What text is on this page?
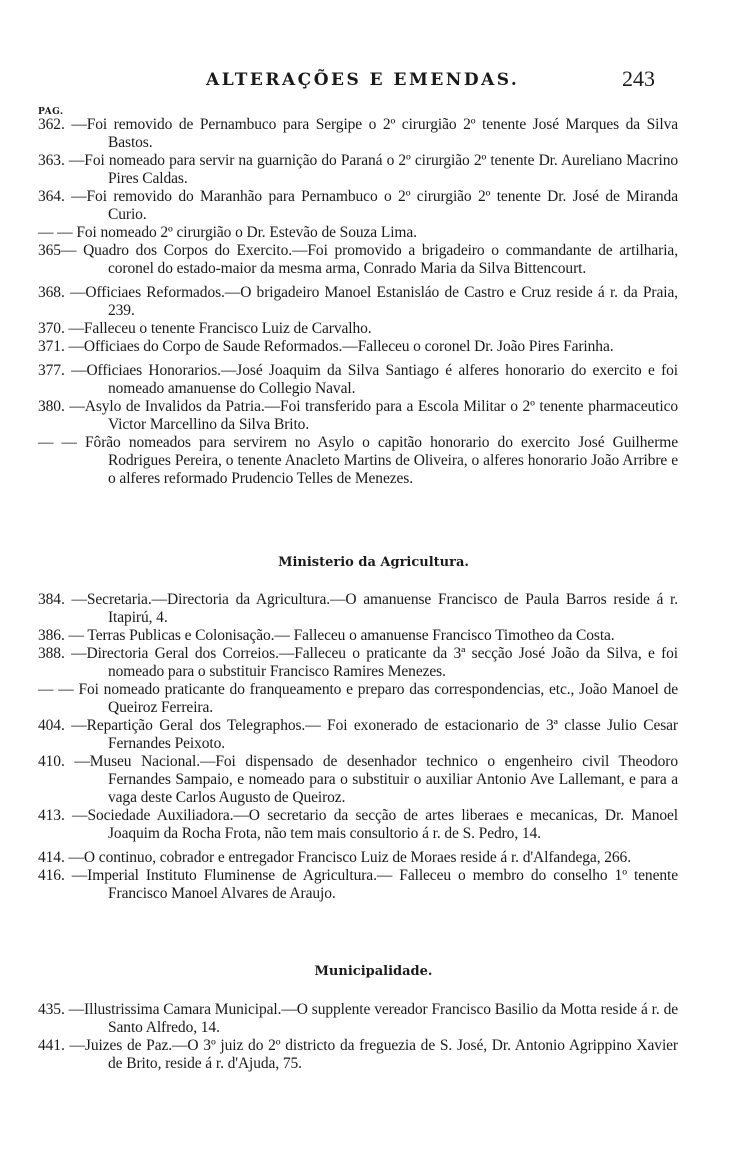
ALTERAÇÕES E EMENDAS.	243
PAG.
362. —Foi removido de Pernambuco para Sergipe o 2º cirurgião 2º tenente José Marques da Silva Bastos.
363. —Foi nomeado para servir na guarnição do Paraná o 2º cirurgião 2º tenente Dr. Aureliano Macrino Pires Caldas.
364. —Foi removido do Maranhão para Pernambuco o 2º cirurgião 2º tenente Dr. José de Miranda Curio.
— — Foi nomeado 2º cirurgião o Dr. Estevão de Souza Lima.
365— Quadro dos Corpos do Exercito.—Foi promovido a brigadeiro o commandante de artilharia, coronel do estado-maior da mesma arma, Conrado Maria da Silva Bittencourt.
368. —Officiaes Reformados.—O brigadeiro Manoel Estanisláo de Castro e Cruz reside á r. da Praia, 239.
370. —Falleceu o tenente Francisco Luiz de Carvalho.
371. —Officiaes do Corpo de Saude Reformados.—Falleceu o coronel Dr. João Pires Farinha.
377. —Officiaes Honorarios.—José Joaquim da Silva Santiago é alferes honorario do exercito e foi nomeado amanuense do Collegio Naval.
380. —Asylo de Invalidos da Patria.—Foi transferido para a Escola Militar o 2º tenente pharmaceutico Victor Marcellino da Silva Brito.
— — Fôrão nomeados para servirem no Asylo o capitão honorario do exercito José Guilherme Rodrigues Pereira, o tenente Anacleto Martins de Oliveira, o alferes honorario João Arribre e o alferes reformado Prudencio Telles de Menezes.
Ministerio da Agricultura.
384. —Secretaria.—Directoria da Agricultura.—O amanuense Francisco de Paula Barros reside á r. Itapirú, 4.
386. — Terras Publicas e Colonisação.— Falleceu o amanuense Francisco Timotheo da Costa.
388. —Directoria Geral dos Correios.—Falleceu o praticante da 3ª secção José João da Silva, e foi nomeado para o substituir Francisco Ramires Menezes.
— — Foi nomeado praticante do franqueamento e preparo das correspondencias, etc., João Manoel de Queiroz Ferreira.
404. —Repartição Geral dos Telegraphos.— Foi exonerado de estacionario de 3ª classe Julio Cesar Fernandes Peixoto.
410. —Museu Nacional.—Foi dispensado de desenhador technico o engenheiro civil Theodoro Fernandes Sampaio, e nomeado para o substituir o auxiliar Antonio Ave Lallemant, e para a vaga deste Carlos Augusto de Queiroz.
413. —Sociedade Auxiliadora.—O secretario da secção de artes liberaes e mecanicas, Dr. Manoel Joaquim da Rocha Frota, não tem mais consultorio á r. de S. Pedro, 14.
414. —O continuo, cobrador e entregador Francisco Luiz de Moraes reside á r. d'Alfandega, 266.
416. —Imperial Instituto Fluminense de Agricultura.— Falleceu o membro do conselho 1º tenente Francisco Manoel Alvares de Araujo.
Municipalidade.
435. —Illustrissima Camara Municipal.—O supplente vereador Francisco Basilio da Motta reside á r. de Santo Alfredo, 14.
441. —Juizes de Paz.—O 3º juiz do 2º districto da freguezia de S. José, Dr. Antonio Agrippino Xavier de Brito, reside á r. d'Ajuda, 75.
